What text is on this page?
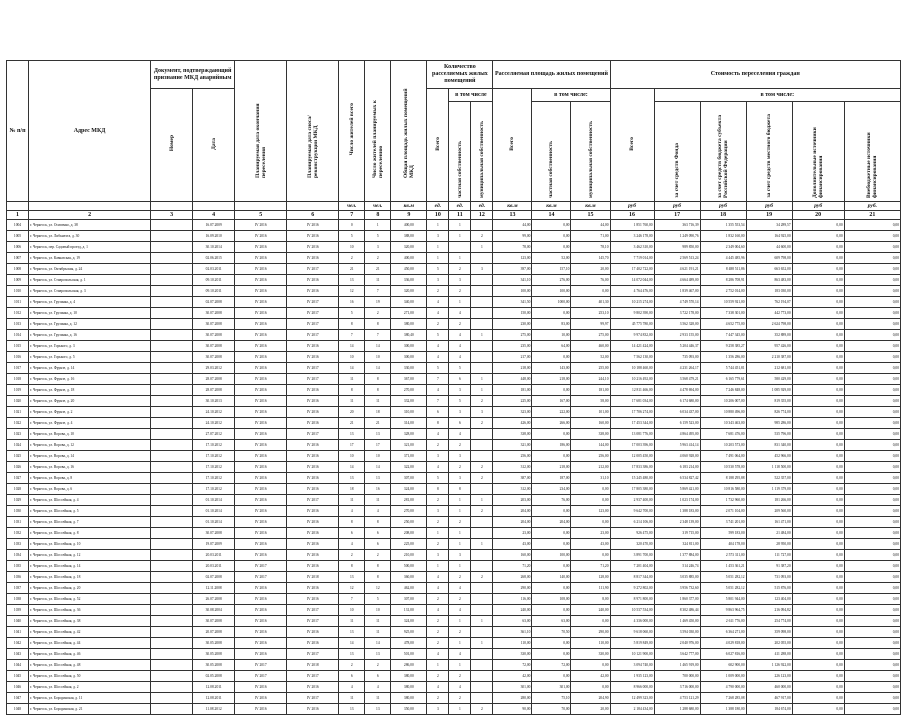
№ п/п	Адрес МКД	Документ, подтверждающий признание МКД аварийным		Планируемая дата окончания переселения	Планируемая дата сноса/реконструкции МКД	Число жителей всего	Число жителей планируемых к переселению	Общая площадь жилых помещений МКД	Количество расселяемых жилых помещений			Расселяемая площадь жилых помещений			Стоимость переселения граждан					

		Номер	Дата						Всего	в том числе		Всего	в том числе:		Всего	в том числе:				

										частная собственность	муниципальная собственность		частная собственность	муниципальная собственность		за счет средств Фонда	за счет средств бюджета субъекта Российской Федерации	за счет средств местного бюджета	Дополнительные источники финансирования	Внебюджетные источники финансирования

						чел.	чел.	кв.м	ед.	ед.	ед.	кв.м	кв.м	кв.м	руб	руб	руб	руб	руб	руб.
1	2	3	4	5	6	7	8	9	10	11	12	13	14	15	16	17	18	19	20	21
1004	г. Черкесск, ул. Осипенко, д. 38		16.07.2009	IV 2016	IV 2016	0	1	400,00	1	1		44,00	0,00	44,00	1 851 760,00	363 716,39	1 355 553,54	34 289,57	0,00	0,00
1005	г. Черкесск, ул. Либкнехта, д. 30		16.09.2010	IV 2016	IV 2016	5	5	388,00	3	1	2	99,00	0,00	71,00	3 246 178,00	1 249 090,76	1 832 160,00	164 925,00	0,00	0,00
1006	г. Черкесск, пер. Садовый проезд, д. 1		30.10.2014	IV 2016	IV 2016	10	3	320,00	1		1	78,00	0,00	78,10	3 462 310,00	989 850,00	2 349 004,60	44 600,00	0,00	0,00
1007	г. Черкесск, ул. Кавказская, д. 19		02.06.2015	IV 2016	IV 2016	2	2	400,00	1	1		123,00	52,00	145,70	7 719 014,00	2 569 513,24	4 445 485,96	609 798,00	0,00	0,00
1008	г. Черкесск, ул. Октябрьская, д. 24		02.03.2011	IV 2016	IV 2017	21	21	450,00	5	2	3	397,00	157,10	20,00	17 402 722,00	4 621 191,21	8 488 511,86	663 652,00	0,00	0,00
1009	г. Черкесск, ул. Ставропольская, д. 1		09.10.2011	IV 2016	IV 2016	13	11	336,00	3	3		341,10	276,00	76,00	14 072 044,00	4 664 489,00	8 286 708,91	863 483,00	0,00	0,00
1010	г. Черкесск, ул. Ставропольская, д. 3		09.10.2011	IV 2016	IV 2016	12	7	320,00	2	2		100,00	100,00	0,00	4 764 476,00	1 839 467,00	2 752 014,00	183 030,00	0,00	0,00
1011	г. Черкесск, ул. Грузинка, д. 4		02.07.2008	IV 2016	IV 2017	16	19	340,00	4	1		341,50	1000,00	401,30	10 215 274,00	4 749 570,14	10 559 921,00	762 194,07	0,00	0,00
1012	г. Черкесск, ул. Грузинка, д. 10		30.07.2008	IV 2016	IV 2017	5	2	271,00	4	4		150,00	0,00	253,10	9 802 390,00	3 722 178,00	7 338 301,00	442 773,00	0,00	0,00
1013	г. Черкесск, ул. Грузинка, д. 12		30.07.2008	IV 2016	IV 2017	8	8	380,00	2	2		230,00	83,00	99,97	45 775 780,00	3 562 328,00	4 652 775,00	2 624 798,00	0,00	0,00
1014	г. Черкесск, ул. Грузинка, д. 16		30.07.2008	IV 2016	IV 2017	7	7	380,40	5	4	1	275,00	10,00	275,00	9 974 832,00	2 933 155,00	7 447 345,00	352 889,00	0,00	0,00
1015	г. Черкесск, ул. Горького, д. 3		30.07.2008	IV 2016	IV 2016	14	14	300,00	4	4		235,00	64,00	460,00	14 421 424,00	5 204 446,37	9 258 385,27	957 426,00	0,00	0,00
1016	г. Черкесск, ул. Горького, д. 5		30.07.2008	IV 2016	IV 2016	10	10	300,00	4	4		217,00	0,00	52,00	7 562 130,00	735 093,00	1 356 286,00	2 210 387,00	0,00	0,00
1017	г. Черкесск, ул. Фрунзе, д. 14		29.03.2012	IV 2016	IV 2017	14	14	330,00	5	5		218,00	143,00	255,00	10 188 460,00	4 231 264,17	5 744 451,81	212 681,00	0,00	0,00
1018	г. Черкесск, ул. Фрунзе, д. 16		28.07.2008	IV 2016	IV 2017	11	8	367,00	7	6	1	448,00	218,00	244,10	10 216 492,00	3 568 479,21	6 165 779,61	580 429,00	0,00	0,00
1019	г. Черкесск, ул. Фрунзе, д. 18		28.07.2008	IV 2016	IV 2016	8	8	270,00	4	3	1	181,00	0,00	181,00	12 811 466,00	4 478 694,00	7 246 848,00	1 085 929,00	0,00	0,00
1020	г. Черкесск, ул. Фрунзе, д. 20		30.10.2013	IV 2016	IV 2016	11	11	332,00	7	5	2	225,00	167,00	58,00	17 681 034,00	6 174 680,00	10 206 007,00	819 355,00	0,00	0,00
1021	г. Черкесск, ул. Фрунзе, д. 2		24.10.2012	IV 2016	IV 2016	20	18	310,00	6	3	3	323,00	222,00	101,00	17 706 274,00	6 034 437,00	10 880 496,00	826 774,00	0,00	0,00
1022	г. Черкесск, ул. Фрунзе, д. 4		24.10.2012	IV 2016	IV 2016	21	21	314,00	8	6	2	426,00	266,00	160,00	17 453 344,00	6 159 523,00	10 343 463,00	985 286,00	0,00	0,00
1023	г. Черкесск, ул. Ворова, д. 10		27.07.2012	IV 2016	IV 2017	13	13	328,00	4	4		338,00	0,00	338,00	13 081 776,00	4 864 495,00	7 681 476,00	535 796,00	0,00	0,00
1024	г. Черкесск, ул. Ворова, д. 12		17.10.2012	IV 2016	IV 2016	17	17	321,00	2	2		321,00	186,00	144,00	17 003 396,00	5 963 414,14	10 203 573,00	831 340,00	0,00	0,00
1025	г. Черкесск, ул. Ворова, д. 14		17.10.2012	IV 2016	IV 2016	10	10	371,00	3	3		256,00	0,00	256,00	12 005 450,00	4 060 928,00	7 491 064,00	452 966,00	0,00	0,00
1026	г. Черкесск, ул. Ворова, д. 16		17.10.2012	IV 2016	IV 2016	14	14	322,00	4	2	2	312,00	218,00	212,00	17 833 386,00	6 183 214,00	10 530 578,00	1 118 500,00	0,00	0,00
1027	г. Черкесск, ул. Ворова, д. 8		17.10.2012	IV 2016	IV 2016	13	13	307,00	5	3	2	387,00	187,00	31,10	15 245 480,00	6 534 827,42	8 188 295,88	522 357,00	0,00	0,00
1028	г. Черкесск, ул. Ворова, д. 6		17.10.2012	IV 2016	IV 2016	18	16	324,00	8	8		312,00	234,00	0,00	17 805 380,00	5 869 421,00	10 816 580,00	1 119 379,00	0,00	0,00
1029	г. Черкесск, ул. Шоссейная, д. 4		01.10.2014	IV 2016	IV 2017	11	11	281,00	2	1	1	203,00	76,00	0,00	2 937 400,00	1 023 174,00	1 732 960,00	181 266,00	0,00	0,00
1030	г. Черкесск, ул. Шоссейная, д. 5		01.10.2014	IV 2016	IV 2016	4	4	270,00	3	1	2	204,00	0,00	123,00	9 642 700,00	1 388 183,00	2 071 104,00	209 560,00	0,00	0,00
1031	г. Черкесск, ул. Шоссейная, д. 7		01.10.2014	IV 2016	IV 2016	8	8	250,00	2	2		204,00	204,00	0,00	6 214 106,00	2 348 139,00	3 741 201,00	161 471,00	0,00	0,00
1032	г. Черкесск, ул. Шоссейная, д. 8		30.07.2008	IV 2016	IV 2016	6	6	208,00	1	1		23,00	0,00	23,00	926 475,00	319 715,00	599 183,00	21 484,00	0,00	0,00
1033	г. Черкесск, ул. Шоссейная, д. 10		19.07.2009	IV 2016	IV 2016	4	6	225,00	2	1	1	43,00	0,00	43,00	320 470,00	324 811,00	404 178,00	28 950,00	0,00	0,00
1034	г. Черкесск, ул. Шоссейная, д. 12		20.03.2011	IV 2016	IV 2016	2	2	210,00	3	3		160,00	100,00	0,00	3 891 700,00	1 377 884,00	2 573 311,00	111 727,00	0,00	0,00
1035	г. Черкесск, ул. Шоссейная, д. 14		20.03.2011	IV 2017	IV 2016	8	8	500,00	1	1		71,20	0,00	71,20	7 201 404,00	514 246,74	1 453 361,21	91 387,20	0,00	0,00
1036	г. Черкесск, ул. Шоссейная, д. 18		02.07.2008	IV 2017	IV 2018	13	8	360,00	4	2	2	268,00	140,00	128,00	8 817 344,00	3 035 885,00	5 051 282,12	731 093,00	0,00	0,00
1037	г. Черкесск, ул. Шоссейная, д. 20		12.11.2008	IV 2016	IV 2016	12	12	462,00	4	4		290,00	0,00	111,90	9 272 802,00	3 956 732,60	5 051 282,12	515 876,00	0,00	0,00
1038	г. Черкесск, ул. Шоссейная, д. 52		26.07.2008	IV 2016	IV 2016	7	5	307,00	2	2		116,00	108,00	8,00	8 971 800,00	1 860 377,00	5 801 944,00	123 404,00	0,00	0,00
1039	г. Черкесск, ул. Шоссейная, д. 36		30.08.2004	IV 2016	IV 2017	10	10	131,00	4	4		240,00	0,00	240,00	10 537 534,00	8 302 486,44	9 863 964,75	216 094,82	0,00	0,00
1040	г. Черкесск, ул. Шоссейная, д. 38		30.07.2008	IV 2016	IV 2017	11	11	324,00	2	1	1	63,00	63,00	0,00	4 336 000,00	1 469 450,00	2 611 776,00	254 774,00	0,00	0,00
1041	г. Черкесск, ул. Шоссейная, д. 42		20.07.2008	IV 2016	IV 2016	13	11	925,00	2	2		361,10	70,50	290,00	9 618 060,00	3 594 030,00	6 364 271,00	359 098,00	0,00	0,00
1042	г. Черкесск, ул. Шоссейная, д. 44		30.05.2008	IV 2016	IV 2016	14	14	478,00	2	1	1	110,00	0,00	110,00	5 819 849,00	2 040 976,00	4 029 818,00	202 055,00	0,00	0,00
1043	г. Черкесск, ул. Шоссейная, д. 46		30.05.2008	IV 2016	IV 2017	13	13	501,00	4	4		330,00	0,00	330,00	10 121 900,00	3 642 777,00	6 027 816,00	411 288,00	0,00	0,00
1044	г. Черкесск, ул. Шоссейная, д. 48		30.05.2008	IV 2017	IV 2018	2	2	286,00	1	1		72,00	72,00	0,00	3 094 740,00	1 465 919,00	602 900,00	1 126 922,00	0,00	0,00
1045	г. Черкесск, ул. Шоссейная, д. 50		02.05.2008	IV 2017	IV 2017	6	6	380,00	2	2		42,00	0,00	42,00	1 935 123,00	700 000,00	1 009 000,00	226 123,00	0,00	0,00
1046	г. Черкесск, ул. Шоссейная, д. 2		12.08.2011	IV 2016	IV 2016	4	4	380,00	4	4		301,00	301,00	0,00	8 966 000,00	3 716 000,00	4 790 000,00	460 000,00	0,00	0,00
1047	г. Черкесск, ул. Бородинская, д. 11		12.08.2011	IV 2016	IV 2017	11	11	380,00	2	2		280,00	75,10	204,90	12 499 323,00	4 753 121,29	7 268 285,08	467 917,00	0,00	0,00
1048	г. Черкесск, ул. Бородинская, д. 21		11.08.2012	IV 2016	IV 2016	13	13	350,00	3	1	2	90,00	70,00	20,00	2 184 434,00	1 288 680,00	1 388 180,00	184 674,00	0,00	0,00
